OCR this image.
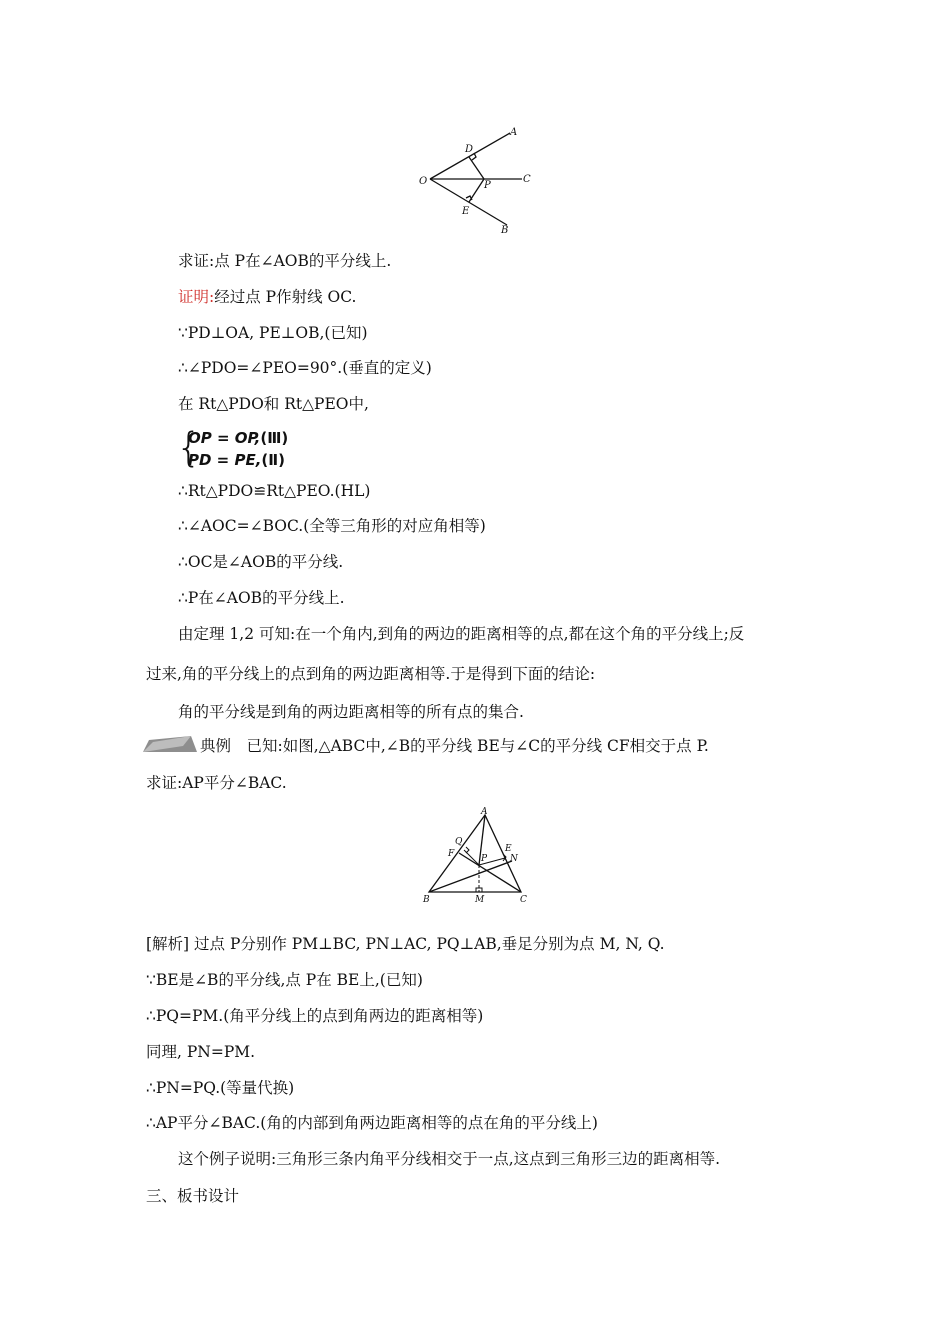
A
D
O	P
C
E
B
求证:点 P在∠AOB的平分线上.
证明:经过点 P作射线 OC.
∵PD⊥OA, PE⊥OB,(已知)
∴∠PDO=∠PEO=90°.(垂直的定义)
在 Rt△PDO和 Rt△PEO中,
{
OP = OP,(Ⅲ)
PD = PE,(Ⅱ)
∴Rt△PDO≌Rt△PEO.(HL)
∴∠AOC=∠BOC.(全等三角形的对应角相等)
∴OC是∠AOB的平分线.
∴P在∠AOB的平分线上.
由定理 1,2 可知:在一个角内,到角的两边的距离相等的点,都在这个角的平分线上;反
过来,角的平分线上的点到角的两边距离相等.于是得到下面的结论:
角的平分线是到角的两边距离相等的所有点的集合.
典例  已知:如图,△ABC中,∠B的平分线 BE与∠C的平分线 CF相交于点 P.
求证:AP平分∠BAC.
A
Q
E
F	P	N
B	M	C
[解析] 过点 P分别作 PM⊥BC, PN⊥AC, PQ⊥AB,垂足分别为点 M, N, Q.
∵BE是∠B的平分线,点 P在 BE上,(已知)
∴PQ=PM.(角平分线上的点到角两边的距离相等)
同理, PN=PM.
∴PN=PQ.(等量代换)
∴AP平分∠BAC.(角的内部到角两边距离相等的点在角的平分线上)
这个例子说明:三角形三条内角平分线相交于一点,这点到三角形三边的距离相等.
三、板书设计
